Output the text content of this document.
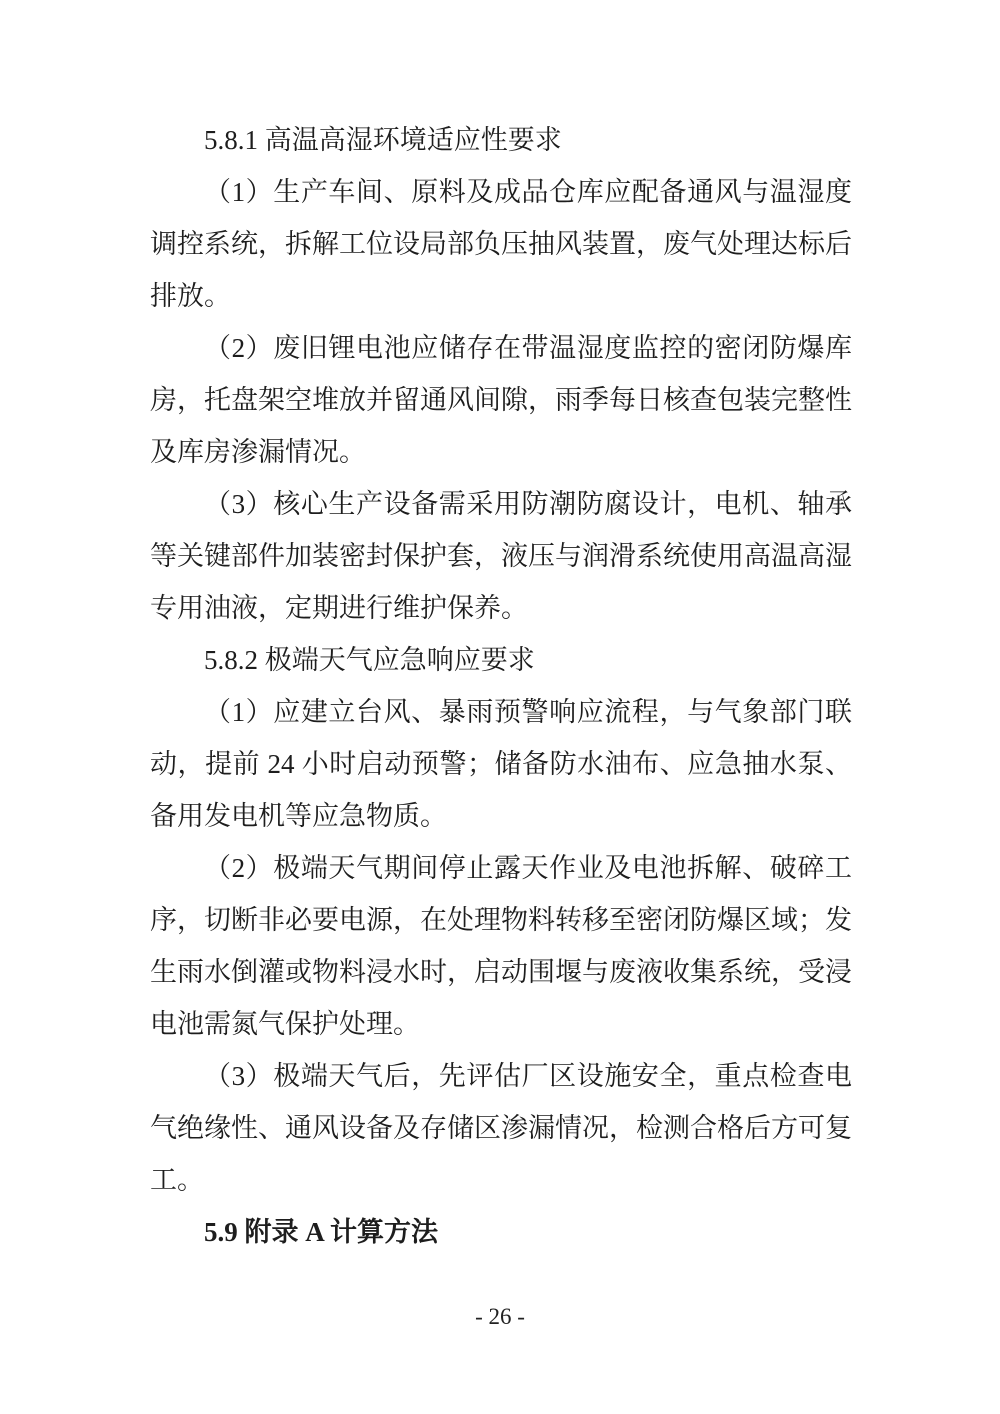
5.8.1 高温高湿环境适应性要求

（1）生产车间、原料及成品仓库应配备通风与温湿度调控系统，拆解工位设局部负压抽风装置，废气处理达标后排放。

（2）废旧锂电池应储存在带温湿度监控的密闭防爆库房，托盘架空堆放并留通风间隙，雨季每日核查包装完整性及库房渗漏情况。

（3）核心生产设备需采用防潮防腐设计，电机、轴承等关键部件加装密封保护套，液压与润滑系统使用高温高湿专用油液，定期进行维护保养。

5.8.2 极端天气应急响应要求

（1）应建立台风、暴雨预警响应流程，与气象部门联动，提前 24 小时启动预警；储备防水油布、应急抽水泵、备用发电机等应急物质。

（2）极端天气期间停止露天作业及电池拆解、破碎工序，切断非必要电源，在处理物料转移至密闭防爆区域；发生雨水倒灌或物料浸水时，启动围堰与废液收集系统，受浸电池需氮气保护处理。

（3）极端天气后，先评估厂区设施安全，重点检查电气绝缘性、通风设备及存储区渗漏情况，检测合格后方可复工。

5.9 附录 A 计算方法

- 26 -
